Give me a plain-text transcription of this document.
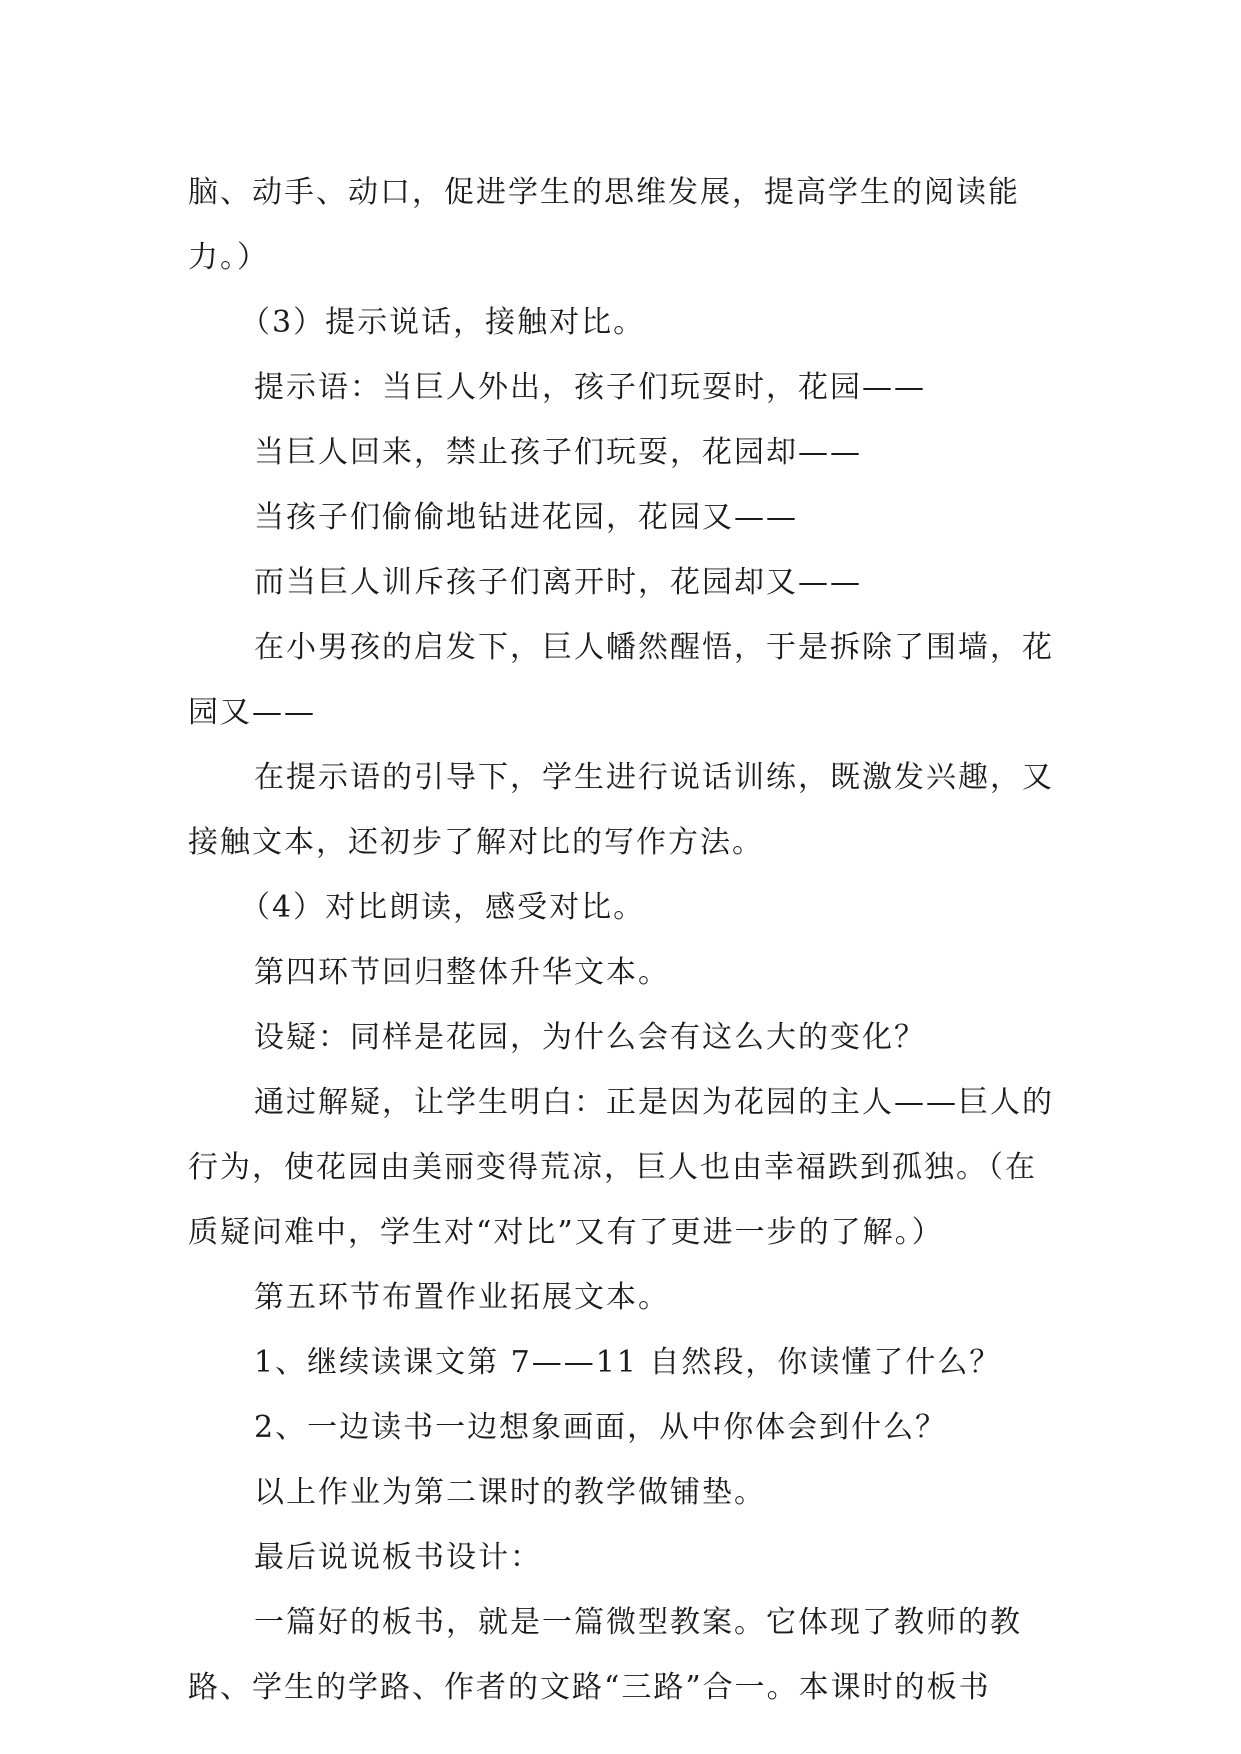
脑、动手、动口，促进学生的思维发展，提高学生的阅读能力。）

（3）提示说话，接触对比。

提示语：当巨人外出，孩子们玩耍时，花园——

当巨人回来，禁止孩子们玩耍，花园却——

当孩子们偷偷地钻进花园，花园又——

而当巨人训斥孩子们离开时，花园却又——

在小男孩的启发下，巨人幡然醒悟，于是拆除了围墙，花园又——

在提示语的引导下，学生进行说话训练，既激发兴趣，又接触文本，还初步了解对比的写作方法。

（4）对比朗读，感受对比。

第四环节回归整体升华文本。

设疑：同样是花园，为什么会有这么大的变化？

通过解疑，让学生明白：正是因为花园的主人——巨人的行为，使花园由美丽变得荒凉，巨人也由幸福跌到孤独。（在质疑问难中，学生对“对比”又有了更进一步的了解。）

第五环节布置作业拓展文本。

1、继续读课文第 7——11 自然段，你读懂了什么？

2、一边读书一边想象画面，从中你体会到什么？

以上作业为第二课时的教学做铺垫。

最后说说板书设计：

一篇好的板书，就是一篇微型教案。它体现了教师的教路、学生的学路、作者的文路“三路”合一。本课时的板书
